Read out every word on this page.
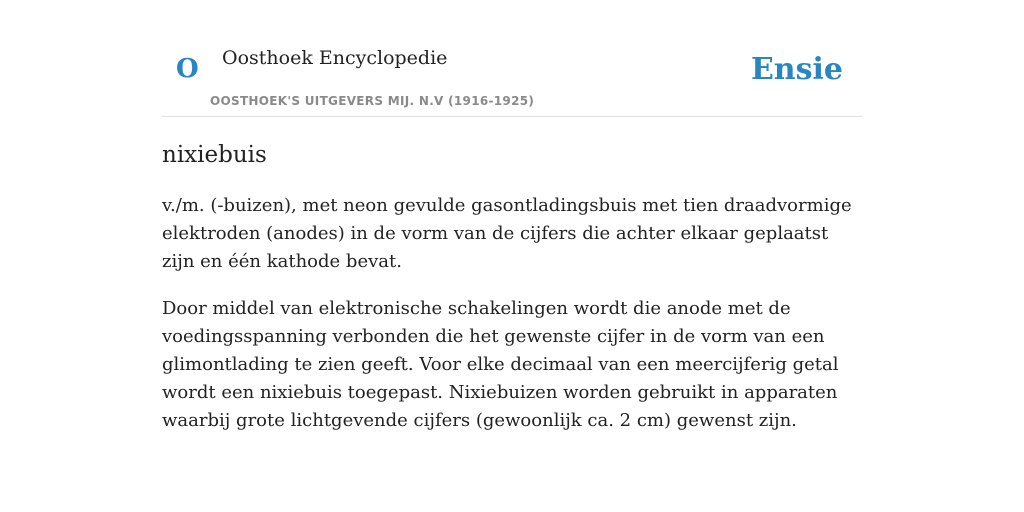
O Oosthoek Encyclopedie
OOSTHOEK'S UITGEVERS MIJ. N.V (1916-1925)
Ensie
nixiebuis

v./m. (-buizen), met neon gevulde gasontladingsbuis met tien draadvormige elektroden (anodes) in de vorm van de cijfers die achter elkaar geplaatst zijn en één kathode bevat.

Door middel van elektronische schakelingen wordt die anode met de voedingsspanning verbonden die het gewenste cijfer in de vorm van een glimontlading te zien geeft. Voor elke decimaal van een meercijferig getal wordt een nixiebuis toegepast. Nixiebuizen worden gebruikt in apparaten waarbij grote lichtgevende cijfers (gewoonlijk ca. 2 cm) gewenst zijn.
